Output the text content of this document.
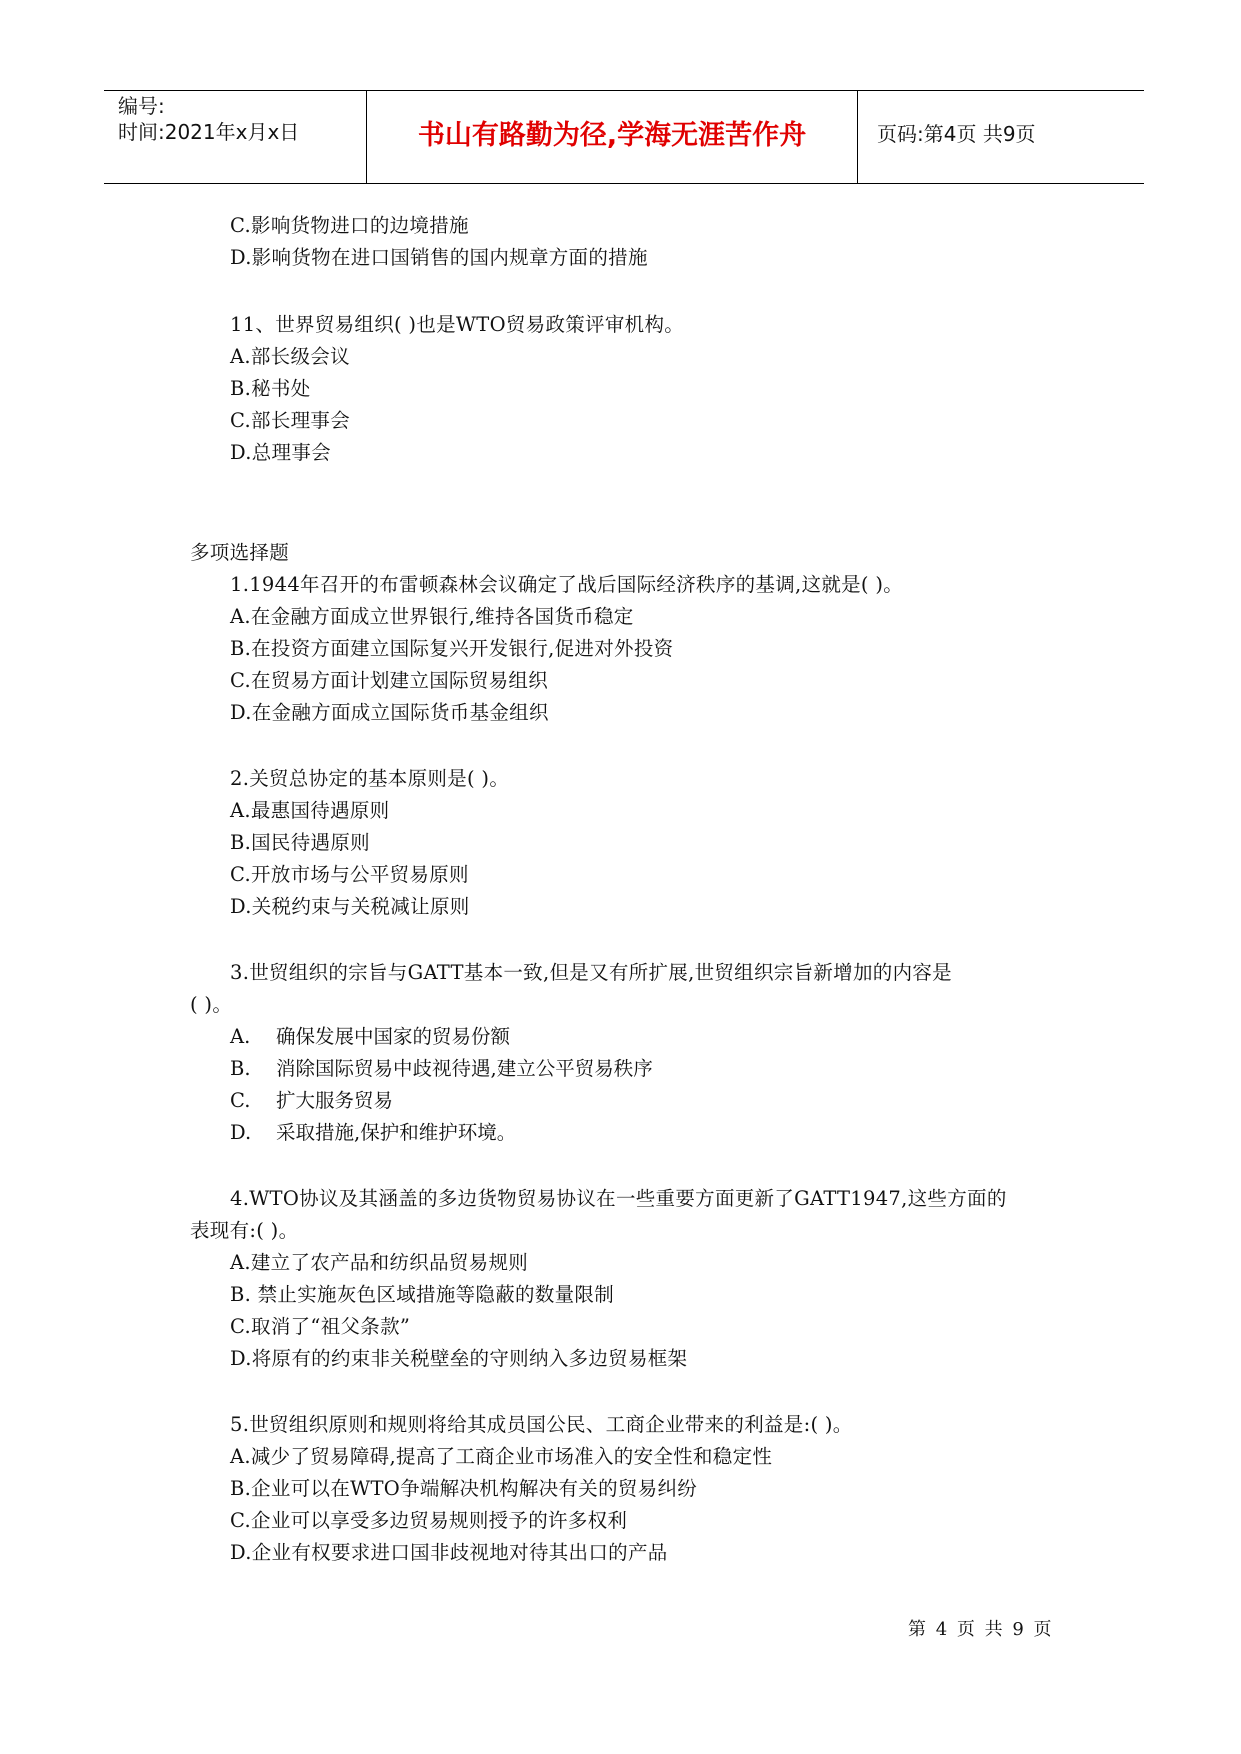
编号:
时间:2021年x月x日	书山有路勤为径,学海无涯苦作舟	页码:第4页 共9页
C.影响货物进口的边境措施
D.影响货物在进口国销售的国内规章方面的措施
11、世界贸易组织( )也是WTO贸易政策评审机构。
A.部长级会议
B.秘书处
C.部长理事会
D.总理事会
多项选择题
1.1944年召开的布雷顿森林会议确定了战后国际经济秩序的基调,这就是( )。
A.在金融方面成立世界银行,维持各国货币稳定
B.在投资方面建立国际复兴开发银行,促进对外投资
C.在贸易方面计划建立国际贸易组织
D.在金融方面成立国际货币基金组织
2.关贸总协定的基本原则是( )。
A.最惠国待遇原则
B.国民待遇原则
C.开放市场与公平贸易原则
D.关税约束与关税减让原则
3.世贸组织的宗旨与GATT基本一致,但是又有所扩展,世贸组织宗旨新增加的内容是
( )。
A. 确保发展中国家的贸易份额
B. 消除国际贸易中歧视待遇,建立公平贸易秩序
C. 扩大服务贸易
D. 采取措施,保护和维护环境。
4.WTO协议及其涵盖的多边货物贸易协议在一些重要方面更新了GATT1947,这些方面的
表现有:( )。
A.建立了农产品和纺织品贸易规则
B. 禁止实施灰色区域措施等隐蔽的数量限制
C.取消了“祖父条款”
D.将原有的约束非关税壁垒的守则纳入多边贸易框架
5.世贸组织原则和规则将给其成员国公民、工商企业带来的利益是:( )。
A.减少了贸易障碍,提高了工商企业市场准入的安全性和稳定性
B.企业可以在WTO争端解决机构解决有关的贸易纠纷
C.企业可以享受多边贸易规则授予的许多权利
D.企业有权要求进口国非歧视地对待其出口的产品
第 4 页 共 9 页
